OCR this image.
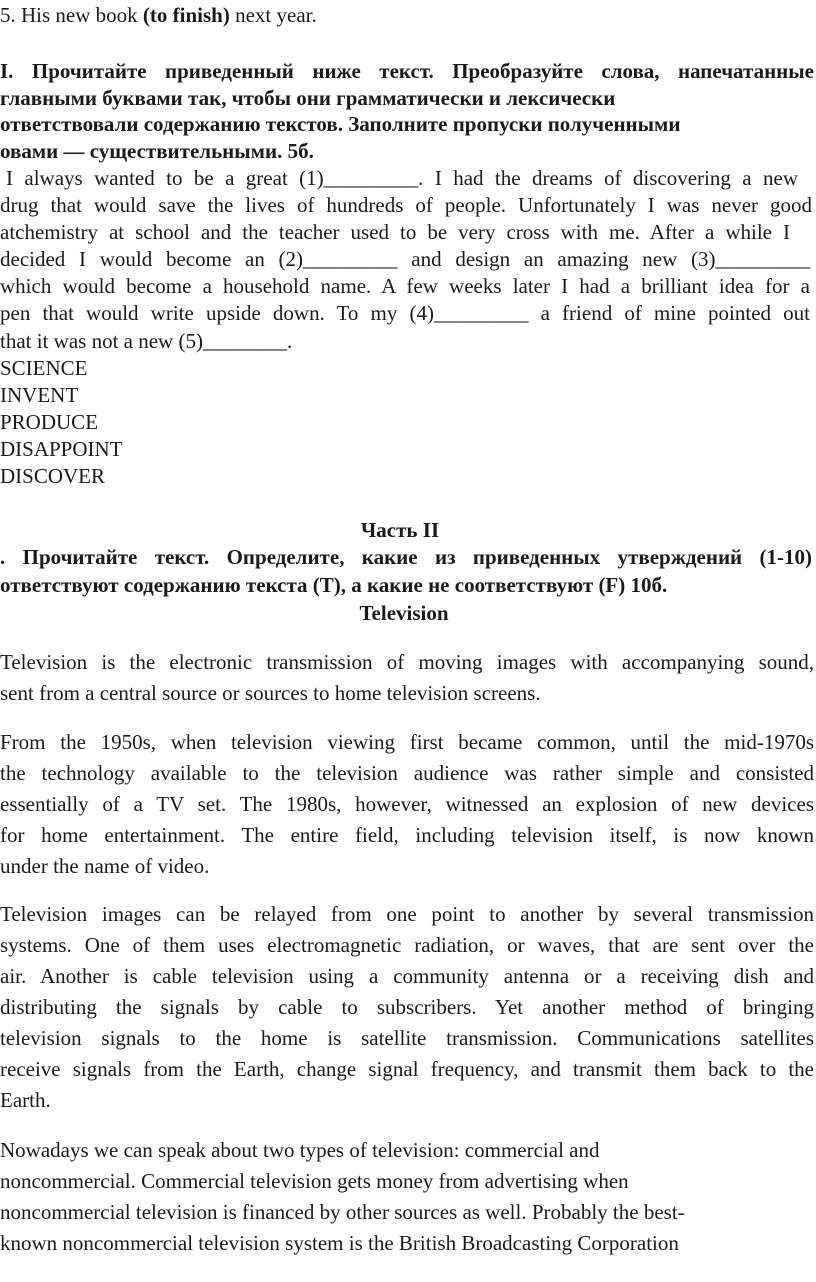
5. His new book (to finish) next year.
І. Прочитайте приведенный ниже текст. Преобразуйте слова, напечатанные
главными буквами так, чтобы они грамматически и лексически
ответствовали содержанию текстов. Заполните пропуски полученными
овами — существительными. 5б.
I always wanted to be a great (1)_________. I had the dreams of discovering a new
drug that would save the lives of hundreds of people. Unfortunately I was never good
atchemistry at school and the teacher used to be very cross with me. After a while I
decided I would become an (2)_________ and design an amazing new (3)_________
which would become a household name. A few weeks later I had a brilliant idea for a
pen that would write upside down. To my (4)_________ a friend of mine pointed out
that it was not a new (5)________.
SCIENCE
INVENT
PRODUCE
DISAPPOINT
DISCOVER
Часть II
. Прочитайте текст. Определите, какие из приведенных утверждений (1-10)
ответствуют содержанию текста (T), а какие не соответствуют (F) 10б.
Television
Television is the electronic transmission of moving images with accompanying sound,
sent from a central source or sources to home television screens.
From the 1950s, when television viewing first became common, until the mid-1970s
the technology available to the television audience was rather simple and consisted
essentially of a TV set. The 1980s, however, witnessed an explosion of new devices
for home entertainment. The entire field, including television itself, is now known
under the name of video.
Television images can be relayed from one point to another by several transmission
systems. One of them uses electromagnetic radiation, or waves, that are sent over the
air. Another is cable television using a community antenna or a receiving dish and
distributing the signals by cable to subscribers. Yet another method of bringing
television signals to the home is satellite transmission. Communications satellites
receive signals from the Earth, change signal frequency, and transmit them back to the
Earth.
Nowadays we can speak about two types of television: commercial and
noncommercial. Commercial television gets money from advertising when
noncommercial television is financed by other sources as well. Probably the best-
known noncommercial television system is the British Broadcasting Corporation
